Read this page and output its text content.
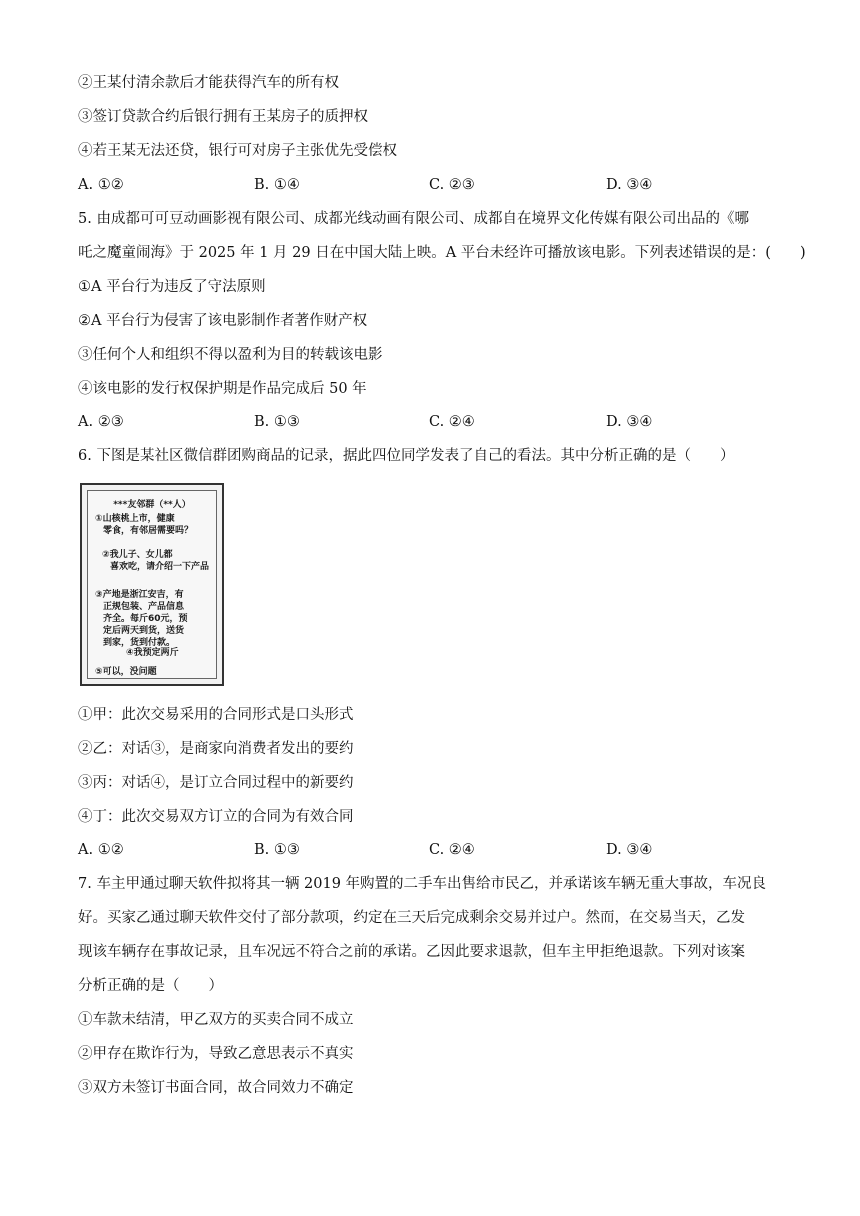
②王某付清余款后才能获得汽车的所有权
③签订贷款合约后银行拥有王某房子的质押权
④若王某无法还贷，银行可对房子主张优先受偿权
A. ①②	B. ①④	C. ②③	D. ③④
5. 由成都可可豆动画影视有限公司、成都光线动画有限公司、成都自在境界文化传媒有限公司出品的《哪
吒之魔童闹海》于 2025 年 1 月 29 日在中国大陆上映。A 平台未经许可播放该电影。下列表述错误的是：(　　)
①A 平台行为违反了守法原则
②A 平台行为侵害了该电影制作者著作财产权
③任何个人和组织不得以盈利为目的转载该电影
④该电影的发行权保护期是作品完成后 50 年
A. ②③	B. ①③	C. ②④	D. ③④
6. 下图是某社区微信群团购商品的记录，据此四位同学发表了自己的看法。其中分析正确的是（　　）
***友邻群（**人）
①山核桃上市，健康
零食，有邻居需要吗？
②我儿子、女儿都
喜欢吃，请介绍一下产品
③产地是浙江安吉，有
正规包装、产品信息
齐全。每斤60元，预
定后两天到货，送货
到家，货到付款。
④我预定两斤
⑤可以，没问题
①甲：此次交易采用的合同形式是口头形式
②乙：对话③，是商家向消费者发出的要约
③丙：对话④，是订立合同过程中的新要约
④丁：此次交易双方订立的合同为有效合同
A. ①②	B. ①③	C. ②④	D. ③④
7. 车主甲通过聊天软件拟将其一辆 2019 年购置的二手车出售给市民乙，并承诺该车辆无重大事故，车况良
好。买家乙通过聊天软件交付了部分款项，约定在三天后完成剩余交易并过户。然而，在交易当天，乙发
现该车辆存在事故记录，且车况远不符合之前的承诺。乙因此要求退款，但车主甲拒绝退款。下列对该案
分析正确的是（　　）
①车款未结清，甲乙双方的买卖合同不成立
②甲存在欺诈行为，导致乙意思表示不真实
③双方未签订书面合同，故合同效力不确定
